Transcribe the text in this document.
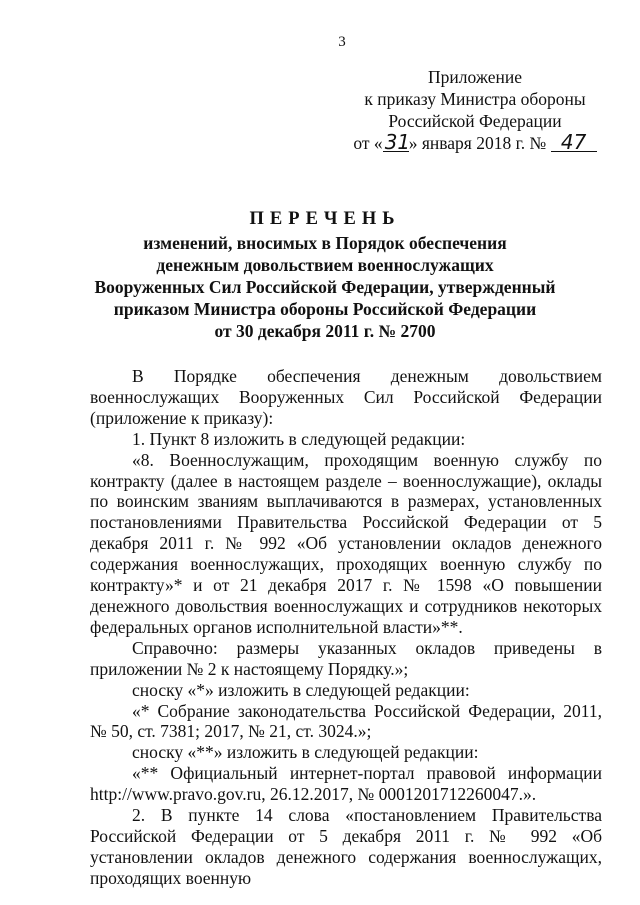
3
Приложение
к приказу Министра обороны
Российской Федерации
от « 31» января 2018 г. № 47
ПЕРЕЧЕНЬ
изменений, вносимых в Порядок обеспечения
денежным довольствием военнослужащих
Вооруженных Сил Российской Федерации, утвержденный
приказом Министра обороны Российской Федерации
от 30 декабря 2011 г. № 2700

В Порядке обеспечения денежным довольствием военнослужащих Вооруженных Сил Российской Федерации (приложение к приказу):

1. Пункт 8 изложить в следующей редакции:

«8. Военнослужащим, проходящим военную службу по контракту (далее в настоящем разделе – военнослужащие), оклады по воинским званиям выплачиваются в размерах, установленных постановлениями Правительства Российской Федерации от 5 декабря 2011 г. № 992 «Об установлении окладов денежного содержания военнослужащих, проходящих военную службу по контракту»* и от 21 декабря 2017 г. № 1598 «О повышении денежного довольствия военнослужащих и сотрудников некоторых федеральных органов исполнительной власти»**.

Справочно: размеры указанных окладов приведены в приложении № 2 к настоящему Порядку.»;

сноску «*» изложить в следующей редакции:

«* Собрание законодательства Российской Федерации, 2011, № 50, ст. 7381; 2017, № 21, ст. 3024.»;

сноску «**» изложить в следующей редакции:

«** Официальный интернет-портал правовой информации http://www.pravo.gov.ru, 26.12.2017, № 0001201712260047.».

2. В пункте 14 слова «постановлением Правительства Российской Федерации от 5 декабря 2011 г. № 992 «Об установлении окладов денежного содержания военнослужащих, проходящих военную
